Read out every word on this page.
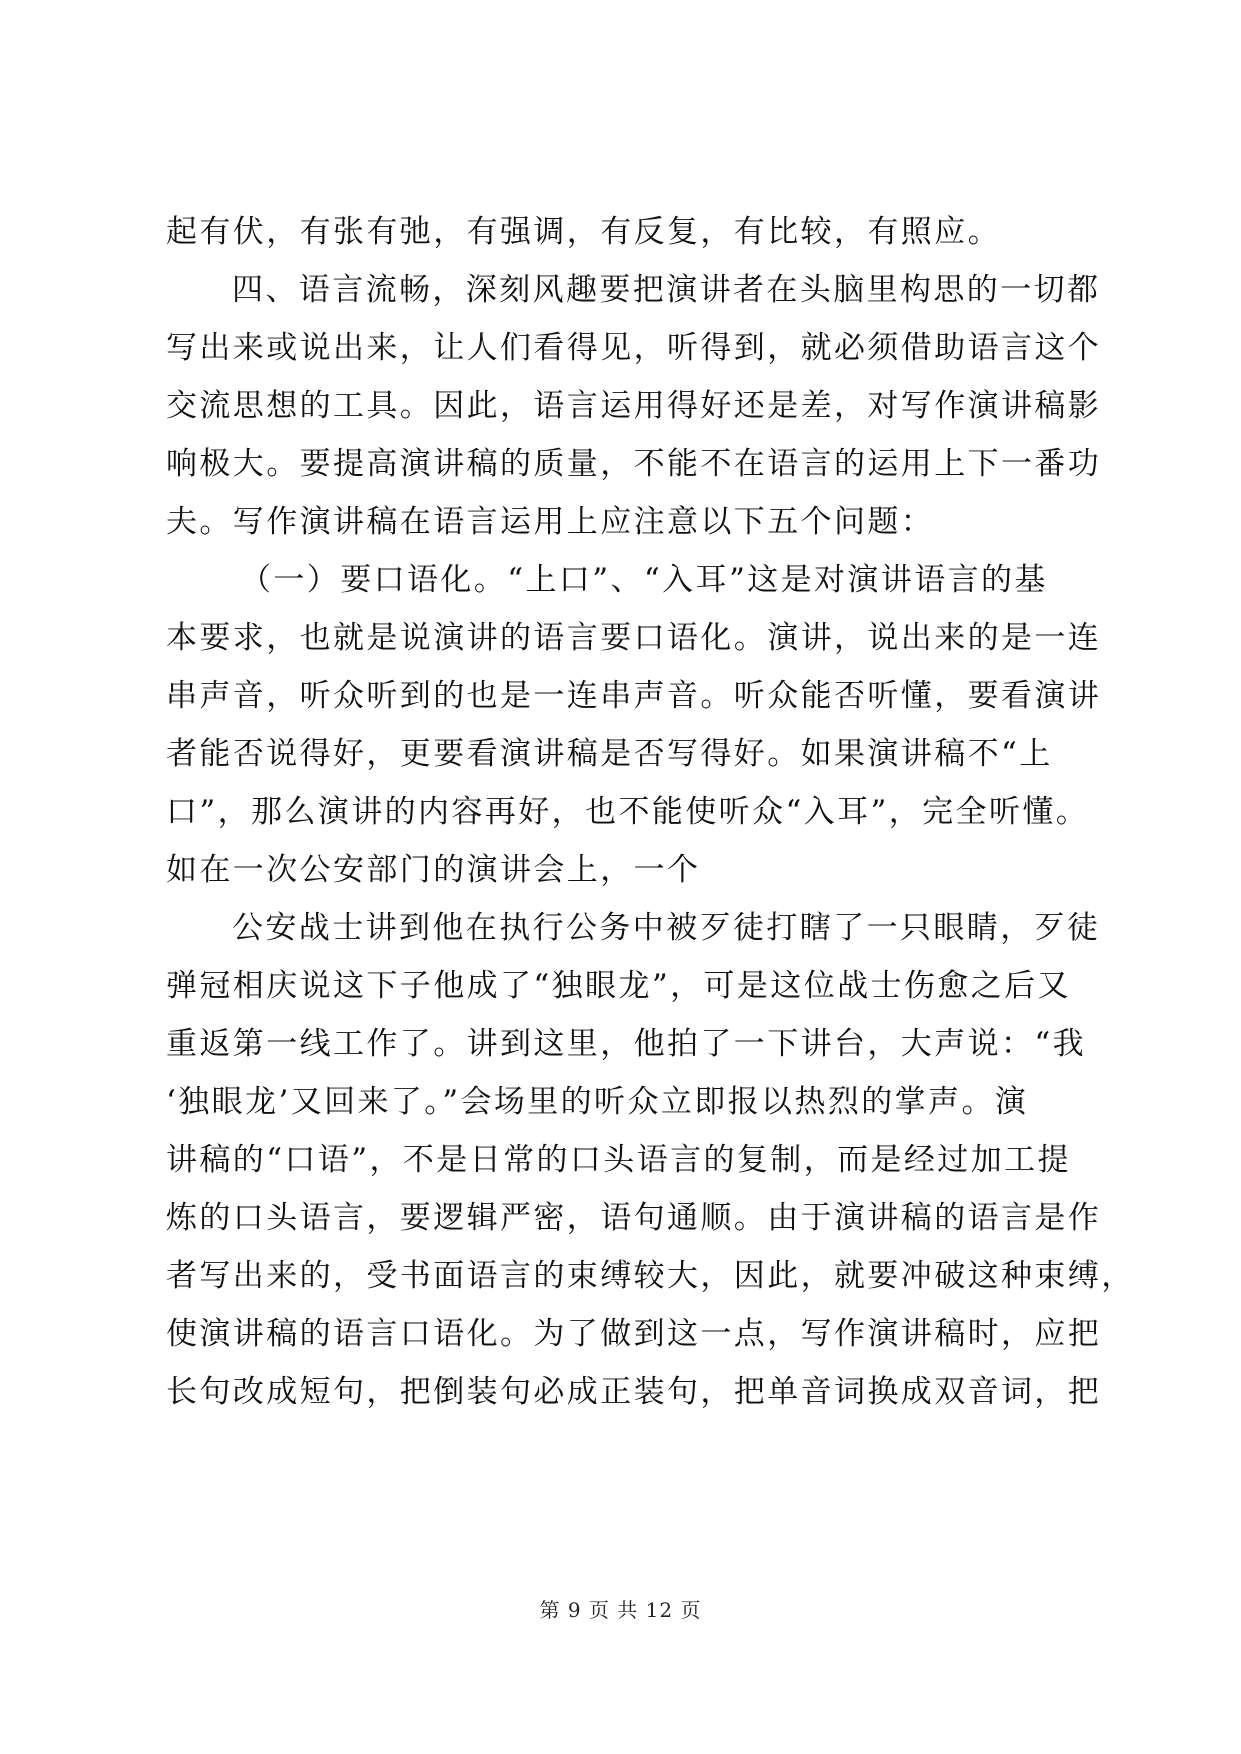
起有伏，有张有弛，有强调，有反复，有比较，有照应。
四、语言流畅，深刻风趣要把演讲者在头脑里构思的一切都
写出来或说出来，让人们看得见，听得到，就必须借助语言这个
交流思想的工具。因此，语言运用得好还是差，对写作演讲稿影
响极大。要提高演讲稿的质量，不能不在语言的运用上下一番功
夫。写作演讲稿在语言运用上应注意以下五个问题：
（一）要口语化。“上口”、“入耳”这是对演讲语言的基
本要求，也就是说演讲的语言要口语化。演讲，说出来的是一连
串声音，听众听到的也是一连串声音。听众能否听懂，要看演讲
者能否说得好，更要看演讲稿是否写得好。如果演讲稿不“上
口”，那么演讲的内容再好，也不能使听众“入耳”，完全听懂。
如在一次公安部门的演讲会上，一个
公安战士讲到他在执行公务中被歹徒打瞎了一只眼睛，歹徒
弹冠相庆说这下子他成了“独眼龙”，可是这位战士伤愈之后又
重返第一线工作了。讲到这里，他拍了一下讲台，大声说：“我
‘独眼龙’又回来了。”会场里的听众立即报以热烈的掌声。演
讲稿的“口语”，不是日常的口头语言的复制，而是经过加工提
炼的口头语言，要逻辑严密，语句通顺。由于演讲稿的语言是作
者写出来的，受书面语言的束缚较大，因此，就要冲破这种束缚，
使演讲稿的语言口语化。为了做到这一点，写作演讲稿时，应把
长句改成短句，把倒装句必成正装句，把单音词换成双音词，把
第 9 页 共 12 页
